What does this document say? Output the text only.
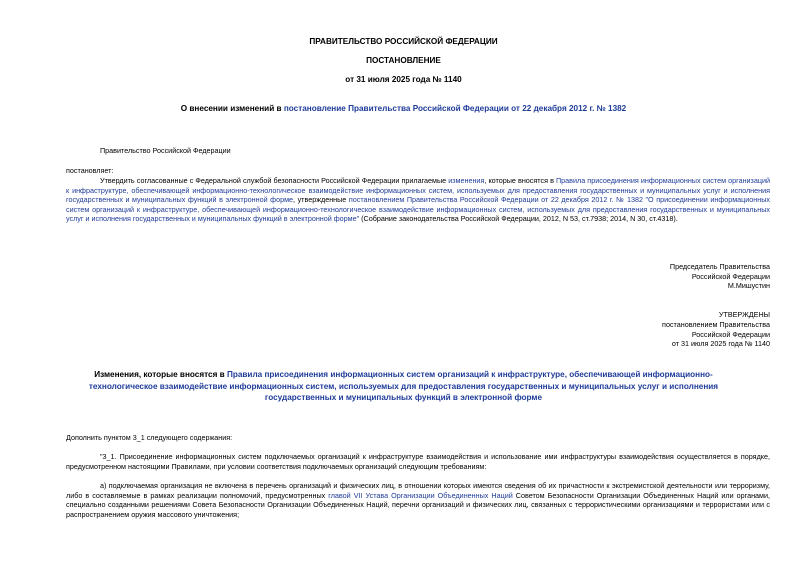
ПРАВИТЕЛЬСТВО РОССИЙСКОЙ ФЕДЕРАЦИИ
ПОСТАНОВЛЕНИЕ
от 31 июля 2025 года № 1140
О внесении изменений в постановление Правительства Российской Федерации от 22 декабря 2012 г. № 1382
Правительство Российской Федерации
постановляет:
Утвердить согласованные с Федеральной службой безопасности Российской Федерации прилагаемые изменения, которые вносятся в Правила присоединения информационных систем организаций к инфраструктуре, обеспечивающей информационно-технологическое взаимодействие информационных систем, используемых для предоставления государственных и муниципальных услуг и исполнения государственных и муниципальных функций в электронной форме, утвержденные постановлением Правительства Российской Федерации от 22 декабря 2012 г. № 1382 "О присоединении информационных систем организаций к инфраструктуре, обеспечивающей информационно-технологическое взаимодействие информационных систем, используемых для предоставления государственных и муниципальных услуг и исполнения государственных и муниципальных функций в электронной форме" (Собрание законодательства Российской Федерации, 2012, N 53, ст.7938; 2014, N 30, ст.4318).
Председатель Правительства
Российской Федерации
М.Мишустин
УТВЕРЖДЕНЫ
постановлением Правительства
Российской Федерации
от 31 июля 2025 года № 1140
Изменения, которые вносятся в Правила присоединения информационных систем организаций к инфраструктуре, обеспечивающей информационно-технологическое взаимодействие информационных систем, используемых для предоставления государственных и муниципальных услуг и исполнения государственных и муниципальных функций в электронной форме
Дополнить пунктом 3_1 следующего содержания:
"3_1. Присоединение информационных систем подключаемых организаций к инфраструктуре взаимодействия и использование ими инфраструктуры взаимодействия осуществляется в порядке, предусмотренном настоящими Правилами, при условии соответствия подключаемых организаций следующим требованиям:
а) подключаемая организация не включена в перечень организаций и физических лиц, в отношении которых имеются сведения об их причастности к экстремистской деятельности или терроризму, либо в составляемые в рамках реализации полномочий, предусмотренных главой VII Устава Организации Объединенных Наций Советом Безопасности Организации Объединенных Наций или органами, специально созданными решениями Совета Безопасности Организации Объединенных Наций, перечни организаций и физических лиц, связанных с террористическими организациями и террористами или с распространением оружия массового уничтожения;
